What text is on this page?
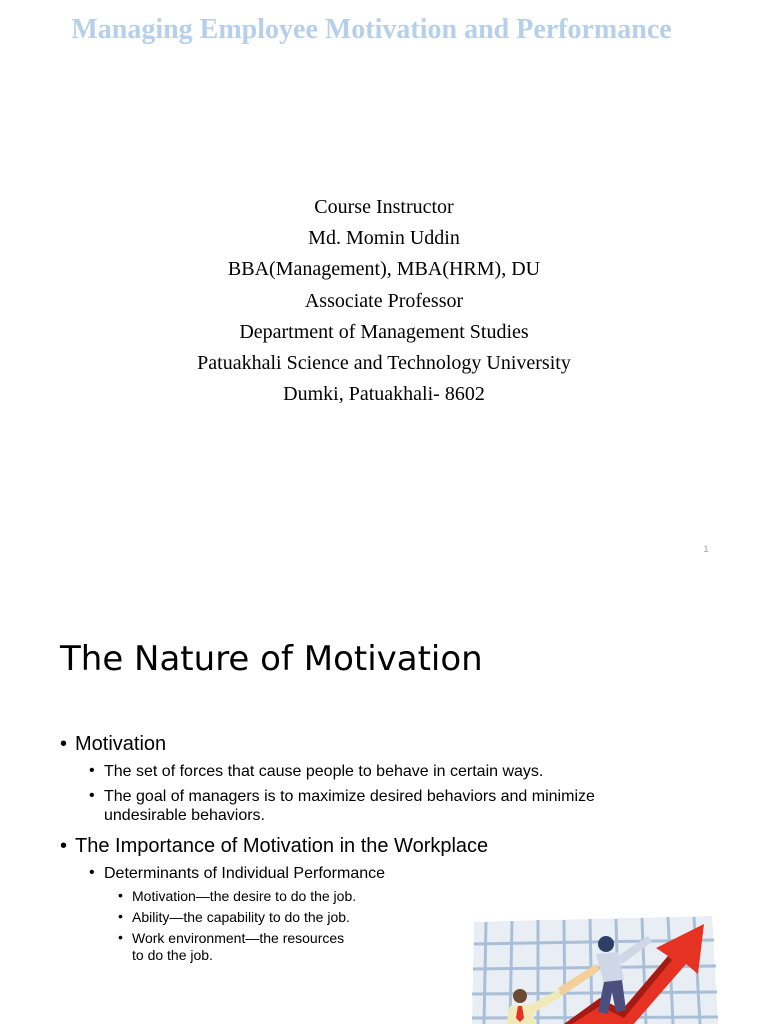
Managing Employee Motivation and Performance
Course Instructor
Md. Momin Uddin
BBA(Management), MBA(HRM), DU
Associate Professor
Department of Management Studies
Patuakhali Science and Technology University
Dumki, Patuakhali- 8602
1
The Nature of Motivation
• Motivation
• The set of forces that cause people to behave in certain ways.
• The goal of managers is to maximize desired behaviors and minimize
undesirable behaviors.
• The Importance of Motivation in the Workplace
• Determinants of Individual Performance
• Motivation—the desire to do the job.
• Ability—the capability to do the job.
• Work environment—the resources
to do the job.
